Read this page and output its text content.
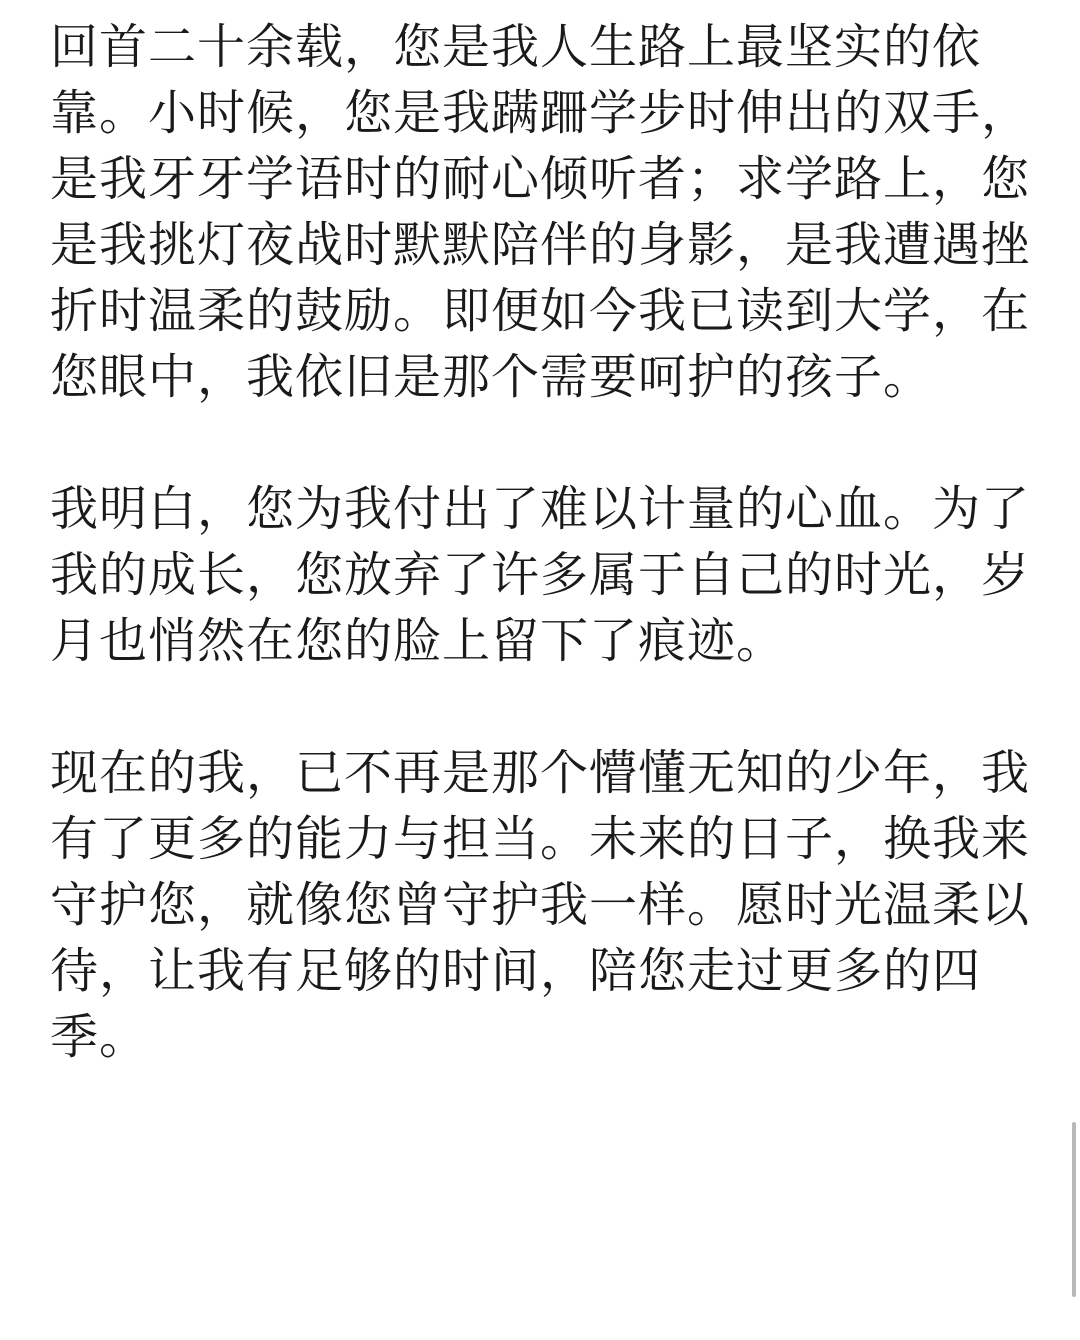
回首二十余载，您是我人生路上最坚实的依靠。小时候，您是我蹒跚学步时伸出的双手，是我牙牙学语时的耐心倾听者；求学路上，您是我挑灯夜战时默默陪伴的身影，是我遭遇挫折时温柔的鼓励。即便如今我已读到大学，在您眼中，我依旧是那个需要呵护的孩子。

我明白，您为我付出了难以计量的心血。为了我的成长，您放弃了许多属于自己的时光，岁月也悄然在您的脸上留下了痕迹。

现在的我，已不再是那个懵懂无知的少年，我有了更多的能力与担当。未来的日子，换我来守护您，就像您曾守护我一样。愿时光温柔以待，让我有足够的时间，陪您走过更多的四季。
